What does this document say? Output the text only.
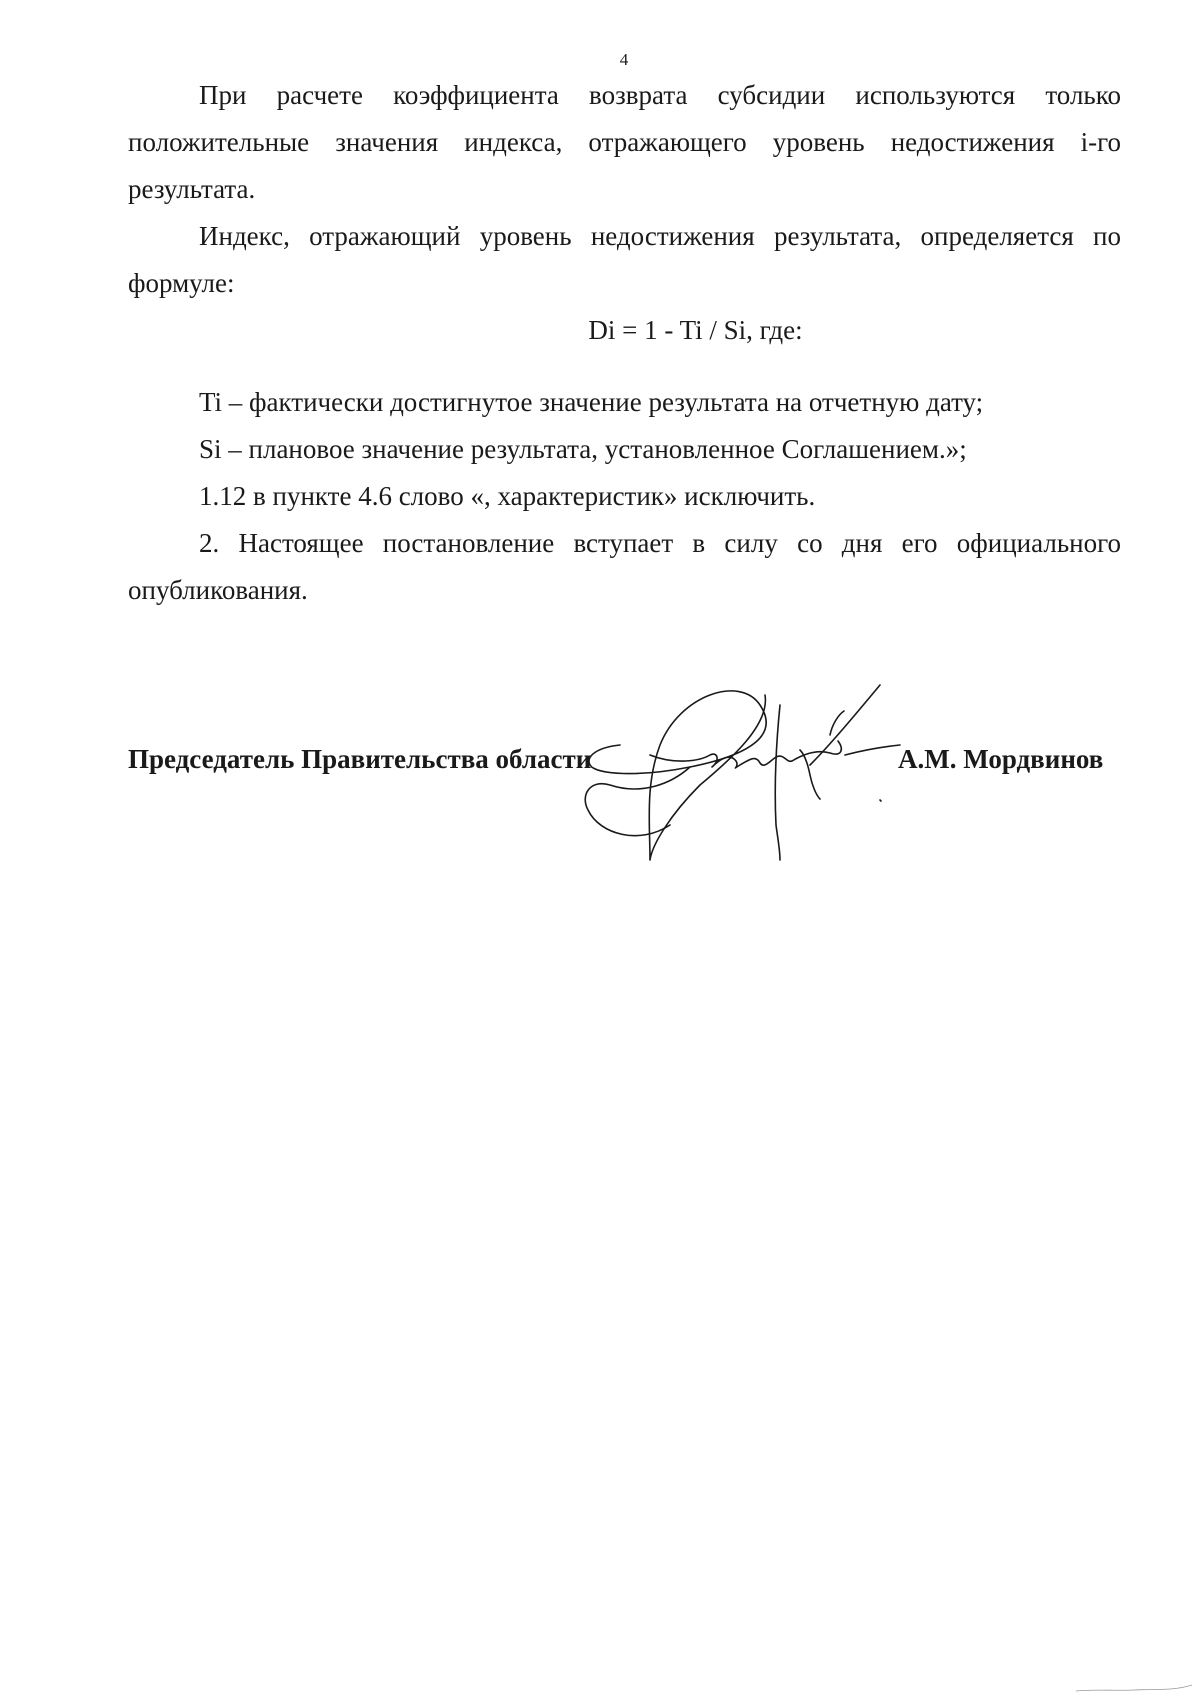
4

При расчете коэффициента возврата субсидии используются только положительные значения индекса, отражающего уровень недостижения i-го результата.

Индекс, отражающий уровень недостижения результата, определяется по формуле:

Di = 1 - Ti / Si, где:

Ti – фактически достигнутое значение результата на отчетную дату;

Si – плановое значение результата, установленное Соглашением.»;

1.12 в пункте 4.6 слово «, характеристик» исключить.

2. Настоящее постановление вступает в силу со дня его официального опубликования.

Председатель Правительства области	А.М. Мордвинов
